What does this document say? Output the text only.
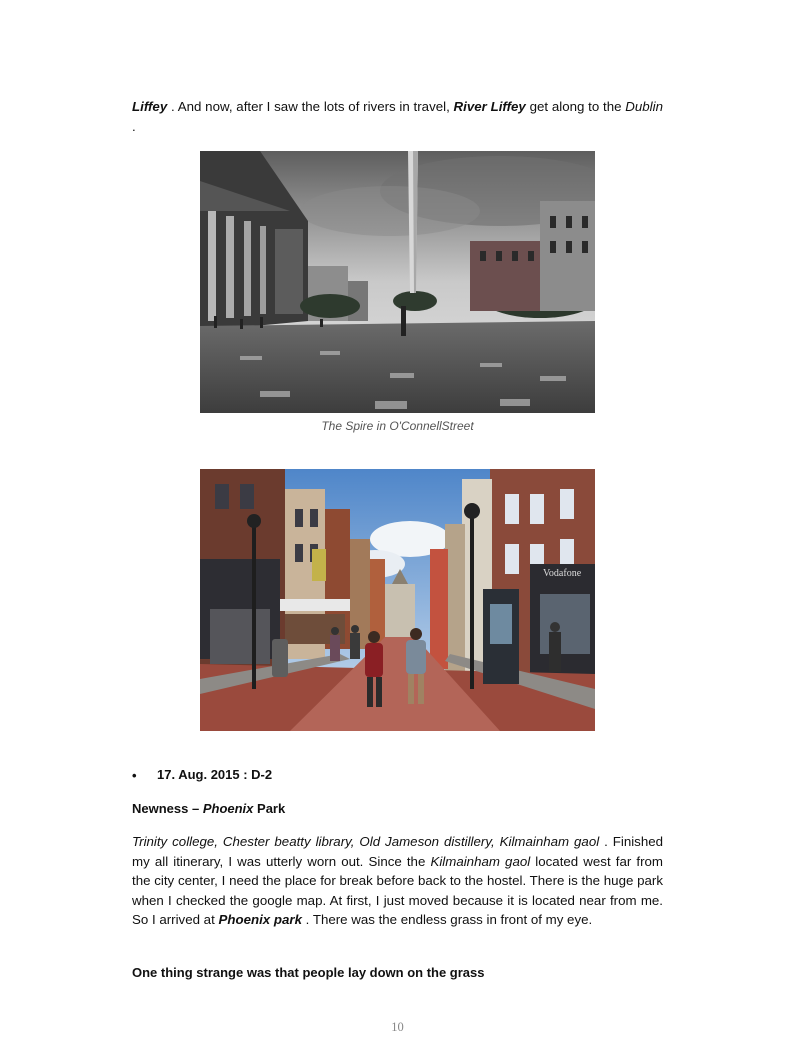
Liffey . And now, after I saw the lots of rivers in travel, River Liffey get along to the Dublin .

The Spire in O'ConnellStreet
Vodafone
• 17. Aug. 2015 : D-2
Newness – Phoenix Park

Trinity college, Chester beatty library, Old Jameson distillery, Kilmainham gaol . Finished my all itinerary, I was utterly worn out. Since the Kilmainham gaol located west far from the city center, I need the place for break before back to the hostel. There is the huge park when I checked the google map. At first, I just moved because it is located near from me. So I arrived at Phoenix park . There was the endless grass in front of my eye.

One thing strange was that people lay down on the grass
10
